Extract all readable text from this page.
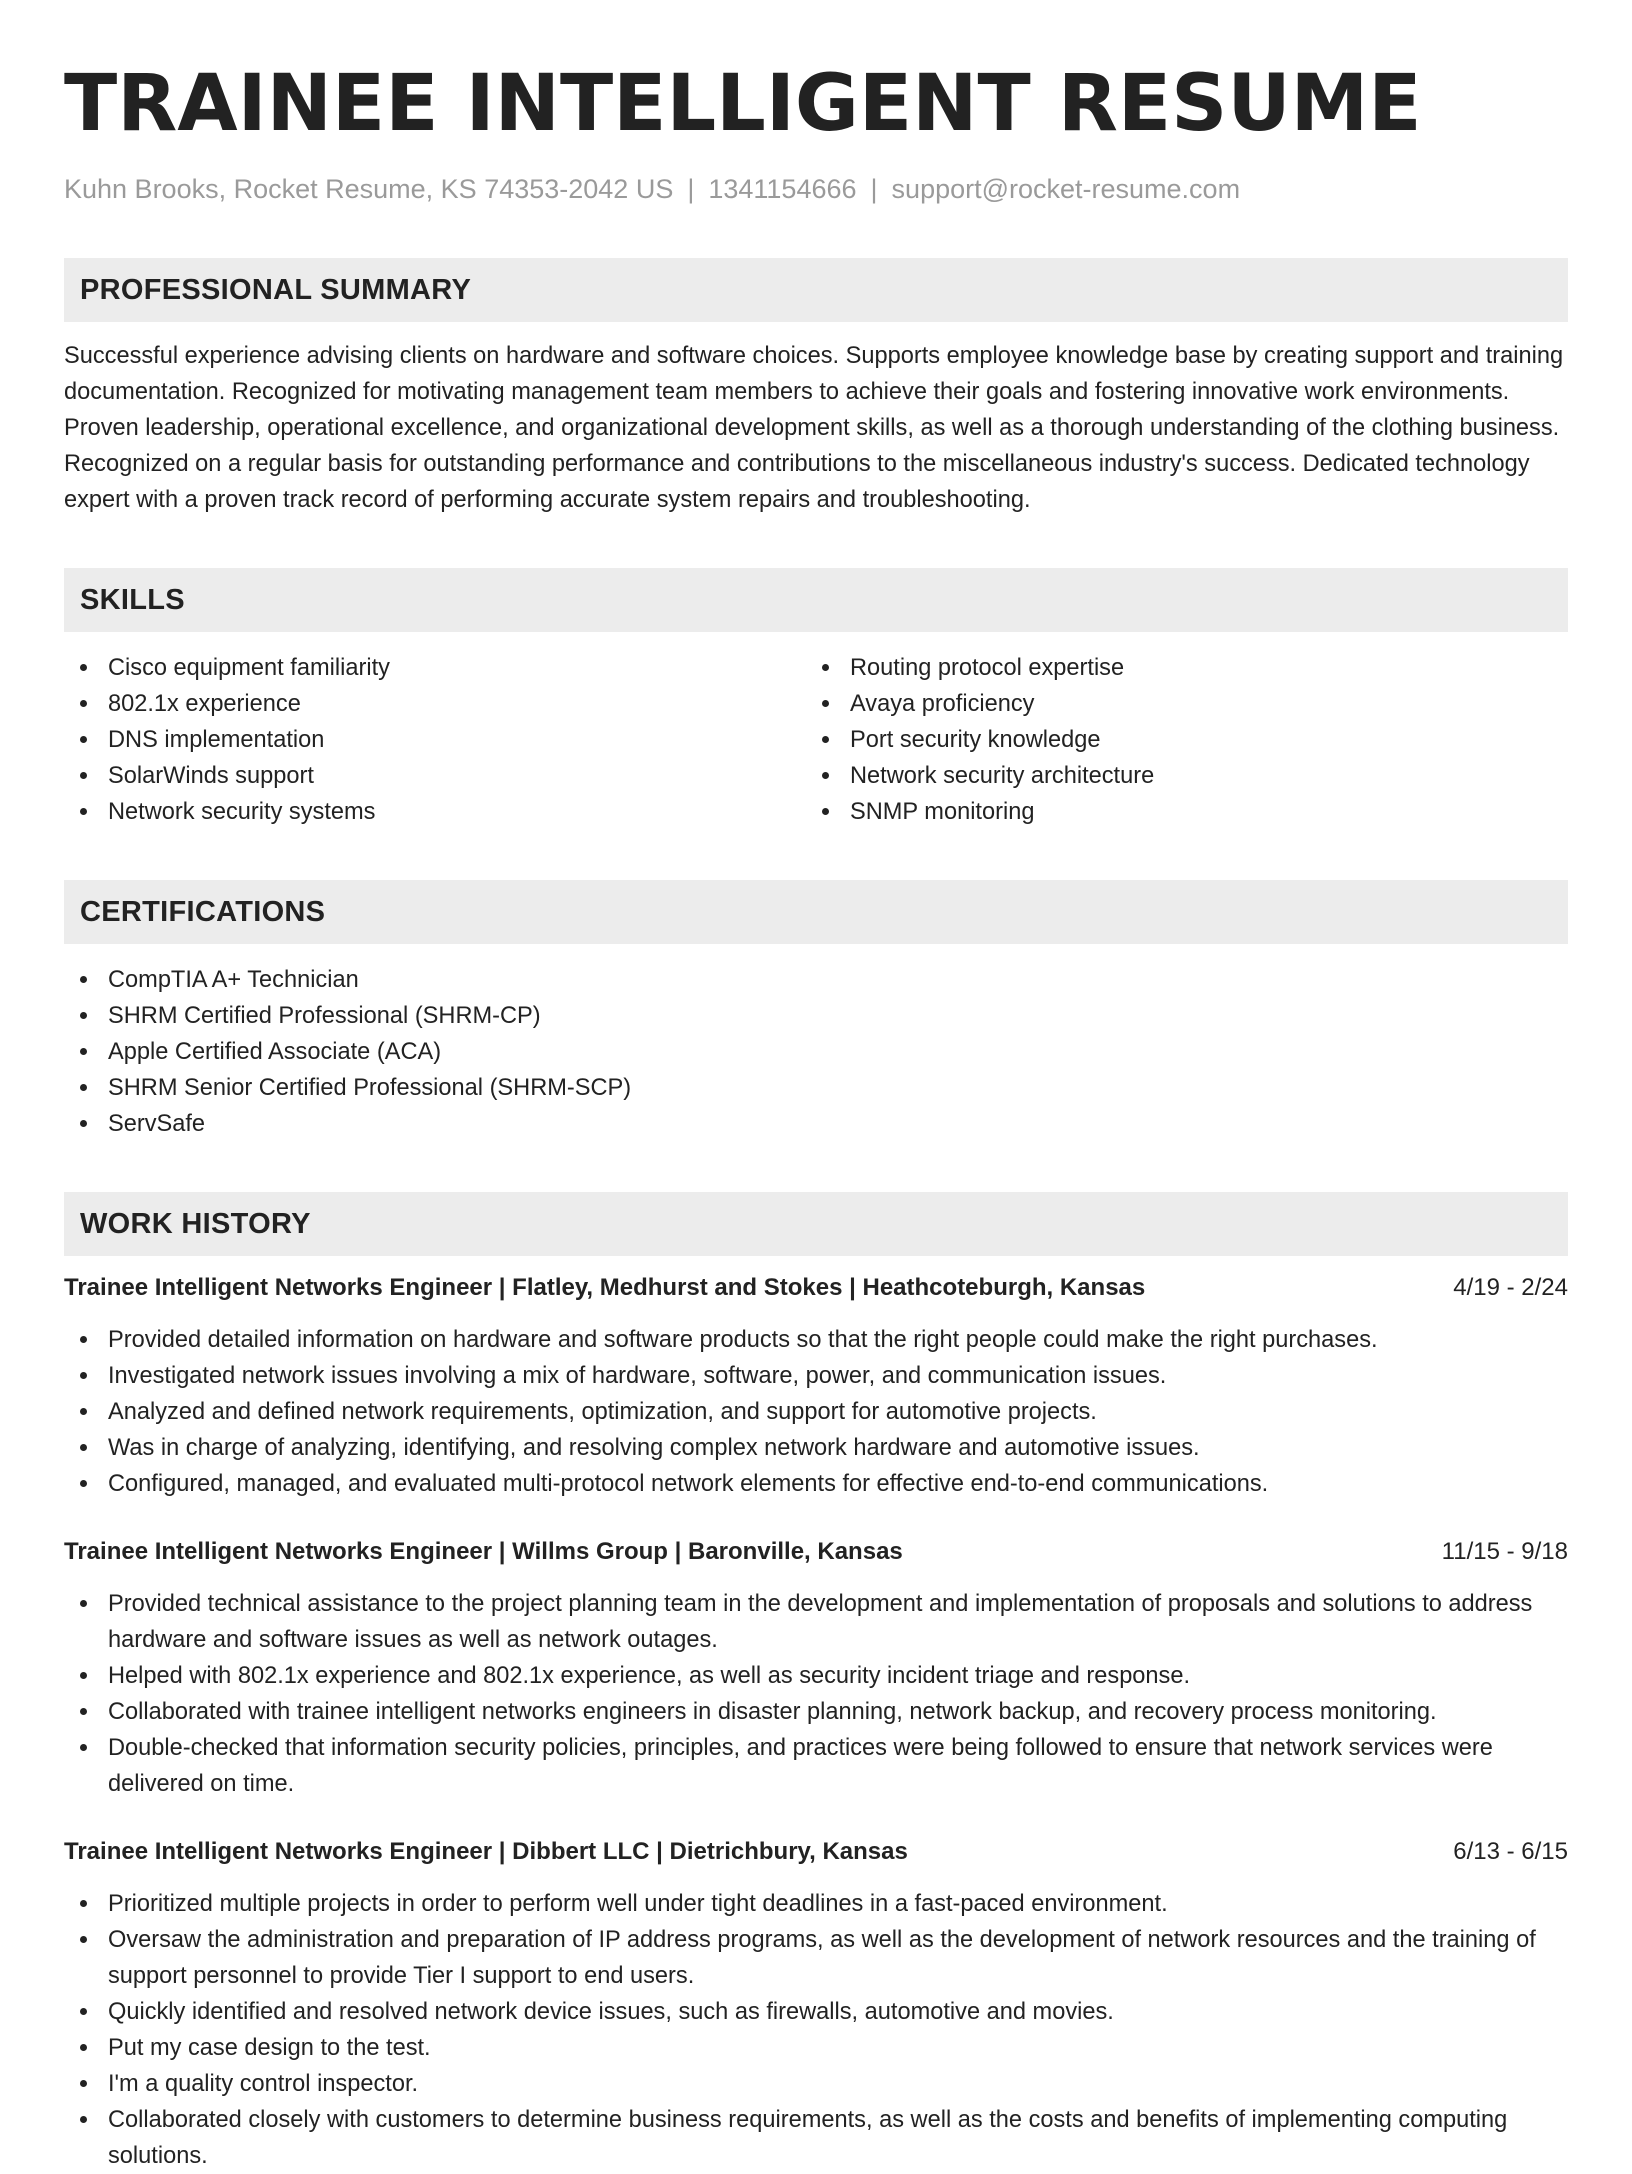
TRAINEE INTELLIGENT RESUME
Kuhn Brooks, Rocket Resume, KS 74353-2042 US | 1341154666 | support@rocket-resume.com
PROFESSIONAL SUMMARY
Successful experience advising clients on hardware and software choices. Supports employee knowledge base by creating support and training documentation. Recognized for motivating management team members to achieve their goals and fostering innovative work environments. Proven leadership, operational excellence, and organizational development skills, as well as a thorough understanding of the clothing business. Recognized on a regular basis for outstanding performance and contributions to the miscellaneous industry's success. Dedicated technology expert with a proven track record of performing accurate system repairs and troubleshooting.
SKILLS
Cisco equipment familiarity
802.1x experience
DNS implementation
SolarWinds support
Network security systems
Routing protocol expertise
Avaya proficiency
Port security knowledge
Network security architecture
SNMP monitoring
CERTIFICATIONS
CompTIA A+ Technician
SHRM Certified Professional (SHRM-CP)
Apple Certified Associate (ACA)
SHRM Senior Certified Professional (SHRM-SCP)
ServSafe
WORK HISTORY
Trainee Intelligent Networks Engineer | Flatley, Medhurst and Stokes | Heathcoteburgh, Kansas	4/19 - 2/24
Provided detailed information on hardware and software products so that the right people could make the right purchases.
Investigated network issues involving a mix of hardware, software, power, and communication issues.
Analyzed and defined network requirements, optimization, and support for automotive projects.
Was in charge of analyzing, identifying, and resolving complex network hardware and automotive issues.
Configured, managed, and evaluated multi-protocol network elements for effective end-to-end communications.
Trainee Intelligent Networks Engineer | Willms Group | Baronville, Kansas	11/15 - 9/18
Provided technical assistance to the project planning team in the development and implementation of proposals and solutions to address hardware and software issues as well as network outages.
Helped with 802.1x experience and 802.1x experience, as well as security incident triage and response.
Collaborated with trainee intelligent networks engineers in disaster planning, network backup, and recovery process monitoring.
Double-checked that information security policies, principles, and practices were being followed to ensure that network services were delivered on time.
Trainee Intelligent Networks Engineer | Dibbert LLC | Dietrichbury, Kansas	6/13 - 6/15
Prioritized multiple projects in order to perform well under tight deadlines in a fast-paced environment.
Oversaw the administration and preparation of IP address programs, as well as the development of network resources and the training of support personnel to provide Tier I support to end users.
Quickly identified and resolved network device issues, such as firewalls, automotive and movies.
Put my case design to the test.
I'm a quality control inspector.
Collaborated closely with customers to determine business requirements, as well as the costs and benefits of implementing computing solutions.
